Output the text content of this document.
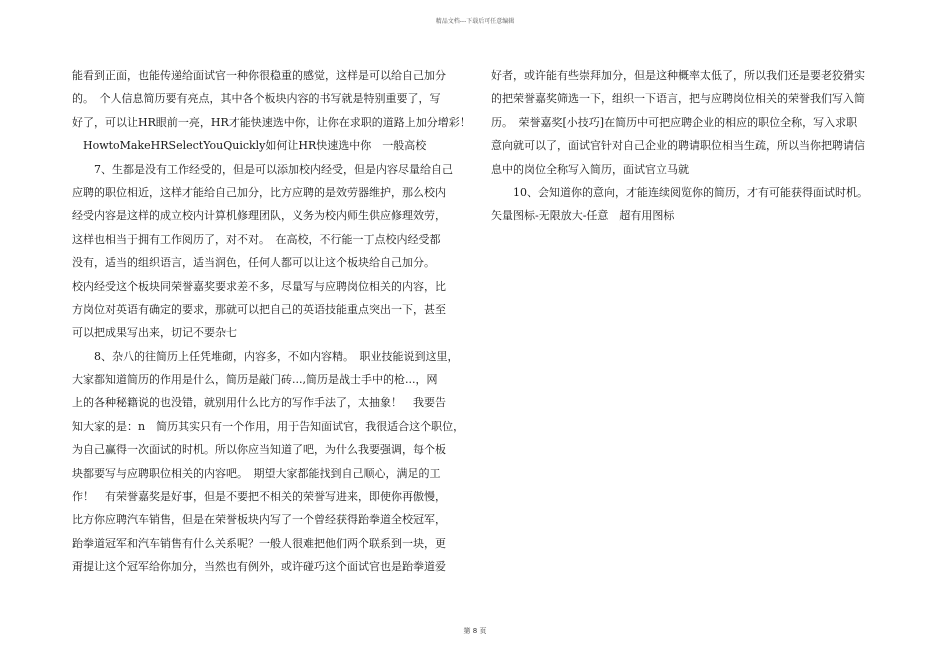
精品文档---下载后可任意编辑
能看到正面，也能传递给面试官一种你很稳重的感觉，这样是可以给自己加分
的。　个人信息简历要有亮点，其中各个板块内容的书写就是特别重要了，写
好了，可以让HR眼前一亮，HR才能快速选中你，让你在求职的道路上加分增彩！
　HowtoMakeHRSelectYouQuickly如何让HR快速选中你　一般高校
　　7、生都是没有工作经受的，但是可以添加校内经受，但是内容尽量给自己
应聘的职位相近，这样才能给自己加分，比方应聘的是效劳器维护，那么校内
经受内容是这样的成立校内计算机修理团队，义务为校内师生供应修理效劳，
这样也相当于拥有工作阅历了，对不对。　在高校，不行能一丁点校内经受都
没有，适当的组织语言，适当润色，任何人都可以让这个板块给自己加分。
校内经受这个板块同荣誉嘉奖要求差不多，尽量写与应聘岗位相关的内容，比
方岗位对英语有确定的要求，那就可以把自己的英语技能重点突出一下，甚至
可以把成果写出来，切记不要杂七
　　8、杂八的往简历上任凭堆砌，内容多，不如内容精。　职业技能说到这里，
大家都知道简历的作用是什么，简历是敲门砖...,简历是战士手中的枪...，网
上的各种秘籍说的也没错，就别用什么比方的写作手法了，太抽象！　我要告
知大家的是：n　简历其实只有一个作用，用于告知面试官，我很适合这个职位，
为自己赢得一次面试的时机。所以你应当知道了吧，为什么我要强调，每个板
块都要写与应聘职位相关的内容吧。　期望大家都能找到自己顺心，满足的工
作！　有荣誉嘉奖是好事，但是不要把不相关的荣誉写进来，即使你再傲慢，
比方你应聘汽车销售，但是在荣誉板块内写了一个曾经获得跆拳道全校冠军，
跆拳道冠军和汽车销售有什么关系呢？一般人很难把他们两个联系到一块，更
甭提让这个冠军给你加分，当然也有例外，或许碰巧这个面试官也是跆拳道爱
好者，或许能有些崇拜加分，但是这种概率太低了，所以我们还是要老狡猾实
的把荣誉嘉奖筛选一下，组织一下语言，把与应聘岗位相关的荣誉我们写入简
历。　荣誉嘉奖[小技巧]在简历中可把应聘企业的相应的职位全称，写入求职
意向就可以了，面试官针对自己企业的聘请职位相当生疏，所以当你把聘请信
息中的岗位全称写入简历，面试官立马就
　　10、会知道你的意向，才能连续阅览你的简历，才有可能获得面试时机。
矢量图标-无限放大-任意　超有用图标
第 8 页
